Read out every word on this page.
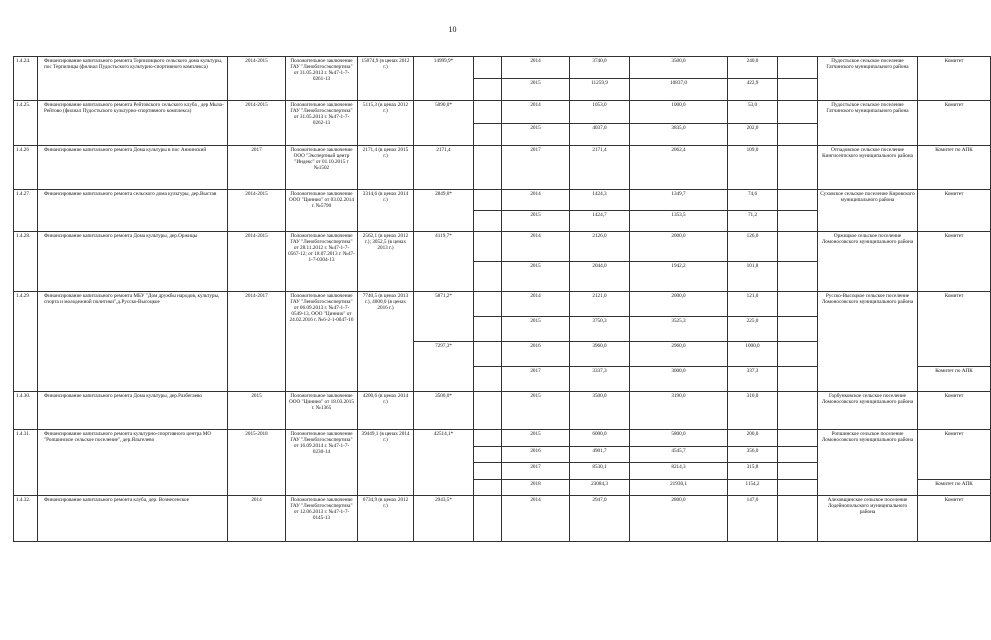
10
1.4.24.	Финансирование капитального ремонта Терпилицкого сельского дома культуры, пос Терпилицы (филиал Пудостьского культурно-спортивного комплекса)	2014-2015	Положительное заключение ГАУ "Леноблгосэкспертиза" от 31.05.2013 г. №47-1-7-0261-13	15074,9 (в ценах 2012 г.)	14999,9*		2014	3740,0	3500,0	240,0		Пудостьское сельское поселение Гатчинского муниципального района	Комитет
							2015	11259,9	10837,0	422,9			
1.4.25.	Финансирование капитального ремонта Рейтовского сельского клуба , дер Мыза-Рейтово (филиал Пудостьского культурно-спортивного комплекса)	2014-2015	Положительное заключение ГАУ "Леноблгосэкспертиза" от 31.05.2013 г. №47-1-7-0262-13	5115,3 (в ценах 2012 г.)	5090,0*		2014	1053,0	1000,0	53,0		Пудостьское сельское поселение Гатчинского муниципального района	Комитет
							2015	4037,0	3835,0	202,0			
1.4.26	Финансирование капитального ремонта Дома культуры в пос Аннинский	2017	Положительное заключение ООО "Экспертный центр "Индекс" от 01.10.2015 г №1502	2171,4 (в ценах 2015 г.)	2171,4		2017	2171,4	2062,4	109,0		Отпадовское сельское поселение Кингисеппского муниципального района	Комитет по АПК
1.4.27.	Финансирование капитального ремонта сельского дома культуры, дер.Выстав	2014-2015	Положительное заключение ООО "Циннио" от 03.02.2014 г. №5790	3314,6 (в ценах 2014 г.)	2849,0*		2014	1424,3	1349,7	74,6		Суховское сельское поселение Кировского муниципального района	Комитет
							2015	1424,7	1353,5	71,2			
1.4.28.	Финансирование капитального ремонта Дома культуры, дер.Оржицы	2014-2015	Положительное заключение ГАУ "Леноблгосэкспертиза" от 28.11.2012 г. №47-1-7-0567-12; от 18.07.2013 г. №47-1-7-0304-13	2562,1 (в ценах 2012 г.); 3052,5 (в ценах 2013 г.)	4119,7*		2014	2126,0	2000,0	126,0		Оржицкое сельское поселение Ломоносовского муниципального района	Комитет
							2015	2044,0	1942,2	101,8			
1.4.29	Финансирование капитального ремонта МБУ "Дом дружбы народов, культуры, спорта и молодежной политики",д.Русско-Высоцкое	2014-2017	Положительное заключение ГАУ "Леноблгосэкспертиза" от 06.09.2013 г. №47-1-7-0549-13, ООО "Циннио" от 24.02.2016 г. №6-2-1-0047-16	7740,5 (в ценах 2013 г.), 4000,0 (в ценах 2016 г.)	5871,2*		2014	2121,0	2000,0	121,0		Русско-Высоцкое сельское поселение Ломоносовского муниципального района	Комитет
							2015	3750,3	3525,3	225,0			
					7297,3*		2016	3960,0	2960,0	1000,0			
							2017	3337,3	3000,0	337,3			Комитет по АПК
1.4.30.	Финансирование капитального ремонта Дома культуры, дер.Разбегаево	2015	Положительное заключение ООО "Циннио" от 18.03.2015 г. №1365	4200,6 (в ценах 2014 г.)	3500,0*		2015	3500,0	3190,0	310,0		Горбунковское сельское поселение Ломоносовского муниципального района	Комитет
1.4.31.	Финансирование капитального ремонта культурно-спортивного центра МО "Ропшинское сельское поселение", дер.Яльгелево	2015-2018	Положительное заключение ГАУ "Леноблгосэкспертиза" от 16.09.2014 г. №47-1-7-0230-14	39449,1 (в ценах 2014 г.)	42514,1*		2015	6000,0	5800,0	200,0		Ропшинское сельское поселение Ломоносовского муниципального района	Комитет
							2016	4901,7	4545,7	356,0			
							2017	8530,1	8214,3	315,8			
							2018	23084,3	21930,1	1154,2			Комитет по АПК
1.4.32.	Финансирование капитального ремонта клуба, дер. Вознесенское	2014	Положительное заключение ГАУ "Леноблгосэкспертиза" от 12.06.2013 г. №47-1-7-0145-13	6734,9 (в ценах 2012 г.)	2943,5*		2014	2947,0	2800,0	147,0		Алеховщинское сельское поселение Лодейнопольского муниципального района	Комитет
